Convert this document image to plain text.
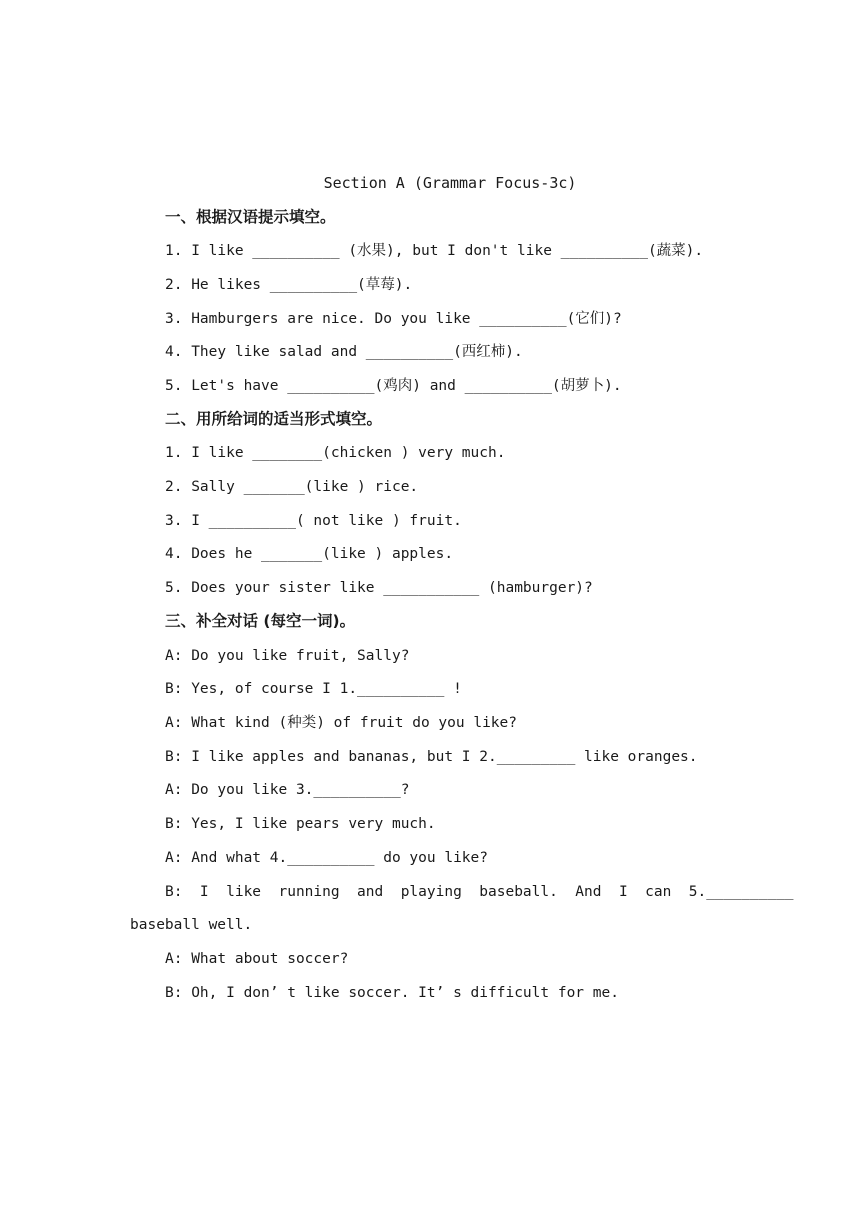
Section A (Grammar Focus-3c)
一、根据汉语提示填空。
1. I like __________ (水果), but I don't like __________(蔬菜).
2. He likes __________(草莓).
3. Hamburgers are nice. Do you like __________(它们)?
4. They like salad and __________(西红柿).
5. Let's have __________(鸡肉) and __________(胡萝卜).
二、用所给词的适当形式填空。
1. I like ________(chicken ) very much.
2. Sally _______(like ) rice.
3. I __________( not like ) fruit.
4. Does he _______(like ) apples.
5. Does your sister like ___________ (hamburger)?
三、补全对话 (每空一词)。
A: Do you like fruit, Sally?
B: Yes, of course I 1.__________ !
A: What kind (种类) of fruit do you like?
B: I like apples and bananas, but I 2._________ like oranges.
A: Do you like 3.__________?
B: Yes, I like pears very much.
A: And what 4.__________ do you like?
B:  I  like  running  and  playing  baseball.  And  I  can  5.__________
baseball well.
A: What about soccer?
B: Oh, I don’ t like soccer. It’ s difficult for me.
